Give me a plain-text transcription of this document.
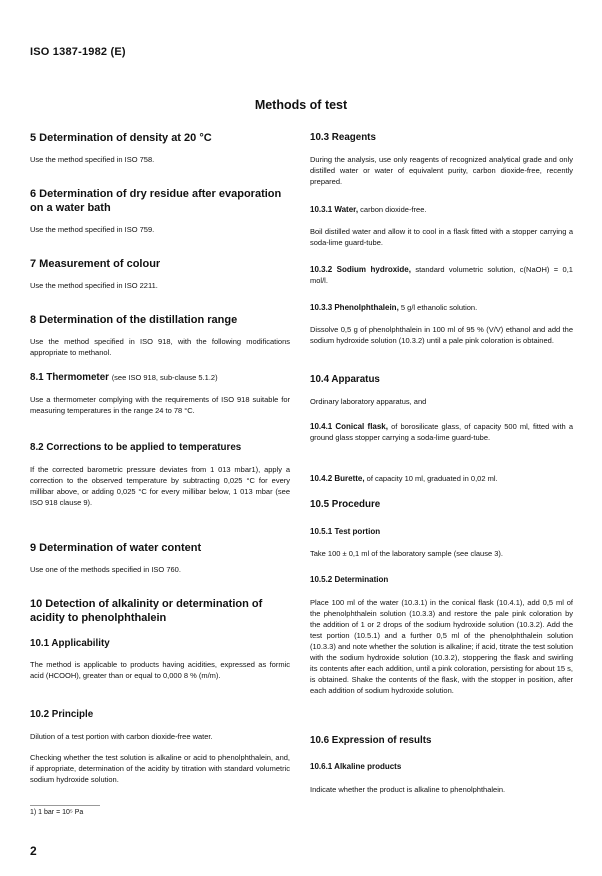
ISO 1387-1982 (E)
Methods of test
5 Determination of density at 20 °C

Use the method specified in ISO 758.

6 Determination of dry residue after evaporation on a water bath

Use the method specified in ISO 759.

7 Measurement of colour

Use the method specified in ISO 2211.

8 Determination of the distillation range

Use the method specified in ISO 918, with the following modifications appropriate to methanol.

8.1 Thermometer (see ISO 918, sub-clause 5.1.2)

Use a thermometer complying with the requirements of ISO 918 suitable for measuring temperatures in the range 24 to 78 °C.

8.2 Corrections to be applied to temperatures

If the corrected barometric pressure deviates from 1 013 mbar1), apply a correction to the observed temperature by subtracting 0,025 °C for every millibar above, or adding 0,025 °C for every millibar below, 1 013 mbar (see ISO 918 clause 9).

9 Determination of water content

Use one of the methods specified in ISO 760.

10 Detection of alkalinity or determination of acidity to phenolphthalein
10.1 Applicability

The method is applicable to products having acidities, expressed as formic acid (HCOOH), greater than or equal to 0,000 8 % (m/m).

10.2 Principle

Dilution of a test portion with carbon dioxide-free water.

Checking whether the test solution is alkaline or acid to phenolphthalein, and, if appropriate, determination of the acidity by titration with standard volumetric sodium hydroxide solution.

10.3 Reagents

During the analysis, use only reagents of recognized analytical grade and only distilled water or water of equivalent purity, carbon dioxide-free, recently prepared.

10.3.1 Water, carbon dioxide-free.

Boil distilled water and allow it to cool in a flask fitted with a stopper carrying a soda-lime guard-tube.

10.3.2 Sodium hydroxide, standard volumetric solution, c(NaOH) = 0,1 mol/l.

10.3.3 Phenolphthalein, 5 g/l ethanolic solution.

Dissolve 0,5 g of phenolphthalein in 100 ml of 95 % (V/V) ethanol and add the sodium hydroxide solution (10.3.2) until a pale pink coloration is obtained.

10.4 Apparatus

Ordinary laboratory apparatus, and

10.4.1 Conical flask, of borosilicate glass, of capacity 500 ml, fitted with a ground glass stopper carrying a soda-lime guard-tube.

10.4.2 Burette, of capacity 10 ml, graduated in 0,02 ml.

10.5 Procedure
10.5.1 Test portion

Take 100 ± 0,1 ml of the laboratory sample (see clause 3).

10.5.2 Determination

Place 100 ml of the water (10.3.1) in the conical flask (10.4.1), add 0,5 ml of the phenolphthalein solution (10.3.3) and restore the pale pink coloration by the addition of 1 or 2 drops of the sodium hydroxide solution (10.3.2). Add the test portion (10.5.1) and a further 0,5 ml of the phenolphthalein solution (10.3.3) and note whether the solution is alkaline; if acid, titrate the test solution with the sodium hydroxide solution (10.3.2), stoppering the flask and swirling its contents after each addition, until a pink coloration, persisting for about 15 s, is obtained. Shake the contents of the flask, with the stopper in position, after each addition of sodium hydroxide solution.

10.6 Expression of results
10.6.1 Alkaline products

Indicate whether the product is alkaline to phenolphthalein.

1) 1 bar = 10⁵ Pa
2
